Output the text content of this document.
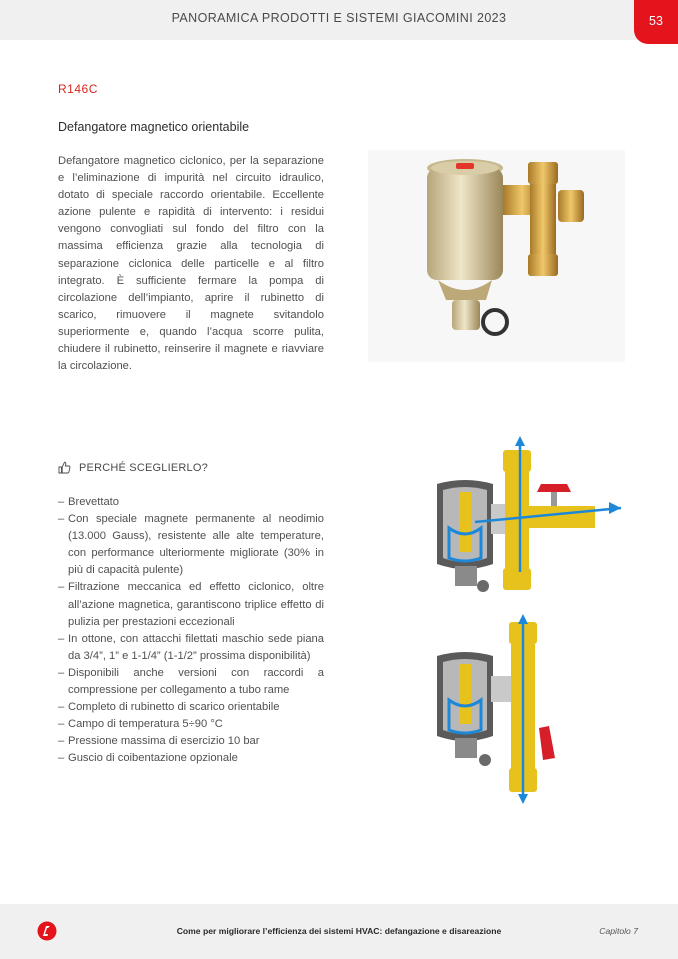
PANORAMICA PRODOTTI E SISTEMI GIACOMINI 2023	53
R146C
Defangatore magnetico orientabile
Defangatore magnetico ciclonico, per la separazione e l’eliminazione di impurità nel circuito idraulico, dotato di speciale raccordo orientabile. Eccellente azione pulente e rapidità di intervento: i residui vengono convogliati sul fondo del filtro con la massima efficienza grazie alla tecnologia di separazione ciclonica delle particelle e al filtro integrato. È sufficiente fermare la pompa di circolazione dell’impianto, aprire il rubinetto di scarico, rimuovere il magnete svitandolo superiormente e, quando l’acqua scorre pulita, chiudere il rubinetto, reinserire il magnete e riavviare la circolazione.
PERCHÉ SCEGLIERLO?
– Brevettato
– Con speciale magnete permanente al neodimio (13.000 Gauss), resistente alle alte temperature, con performance ulteriormente migliorate (30% in più di capacità pulente)
– Filtrazione meccanica ed effetto ciclonico, oltre all’azione magnetica, garantiscono triplice effetto di pulizia per prestazioni eccezionali
– In ottone, con attacchi filettati maschio sede piana da 3/4”, 1” e 1-1/4” (1-1/2” prossima disponibilità)
– Disponibili anche versioni con raccordi a compressione per collegamento a tubo rame
– Completo di rubinetto di scarico orientabile
– Campo di temperatura 5÷90 °C
– Pressione massima di esercizio 10 bar
– Guscio di coibentazione opzionale
Come per migliorare l’efficienza dei sistemi HVAC: defangazione e disareazione	Capitolo 7
